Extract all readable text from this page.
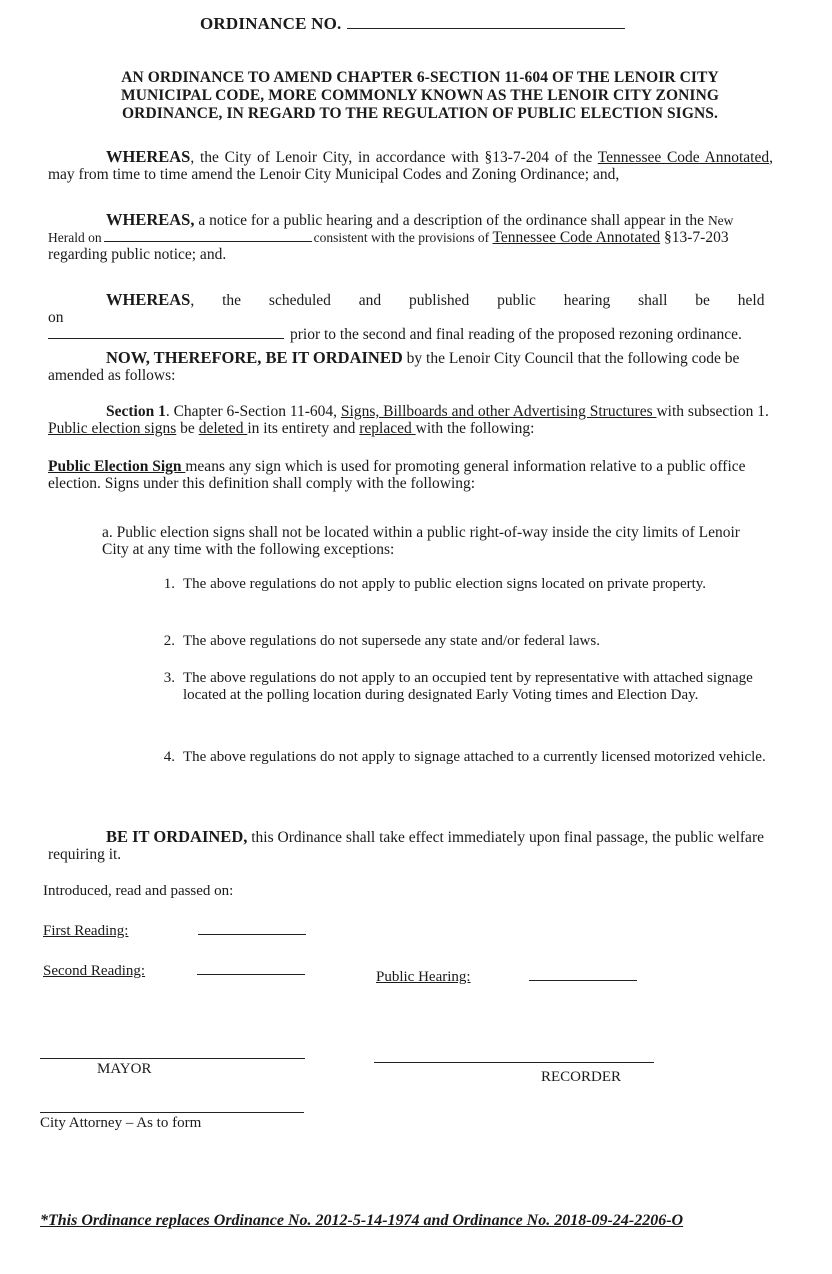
ORDINANCE NO.
AN ORDINANCE TO AMEND CHAPTER 6-SECTION 11-604 OF THE LENOIR CITY
MUNICIPAL CODE, MORE COMMONLY KNOWN AS THE LENOIR CITY ZONING
ORDINANCE, IN REGARD TO THE REGULATION OF PUBLIC ELECTION SIGNS.
WHEREAS, the City of Lenoir City, in accordance with §13-7-204 of the Tennessee Code Annotated, may from time to time amend the Lenoir City Municipal Codes and Zoning Ordinance; and,
WHEREAS, a notice for a public hearing and a description of the ordinance shall appear in the New Herald on	consistent with the provisions of Tennessee Code Annotated §13-7-203 regarding public notice; and.
WHEREAS, the scheduled and published public hearing shall be held on
prior to the second and final reading of the proposed rezoning ordinance.
NOW, THEREFORE, BE IT ORDAINED by the Lenoir City Council that the following code be amended as follows:
Section 1. Chapter 6-Section 11-604, Signs, Billboards and other Advertising Structures with subsection 1. Public election signs be deleted in its entirety and replaced with the following:
Public Election Sign means any sign which is used for promoting general information relative to a public office election. Signs under this definition shall comply with the following:
a. Public election signs shall not be located within a public right-of-way inside the city limits of Lenoir City at any time with the following exceptions:
1. The above regulations do not apply to public election signs located on private property.
2. The above regulations do not supersede any state and/or federal laws.
3. The above regulations do not apply to an occupied tent by representative with attached signage located at the polling location during designated Early Voting times and Election Day.
4. The above regulations do not apply to signage attached to a currently licensed motorized vehicle.
BE IT ORDAINED, this Ordinance shall take effect immediately upon final passage, the public welfare requiring it.
Introduced, read and passed on:
First Reading:
Second Reading:	Public Hearing:
MAYOR	RECORDER
City Attorney – As to form
*This Ordinance replaces Ordinance No. 2012-5-14-1974 and Ordinance No. 2018-09-24-2206-O
